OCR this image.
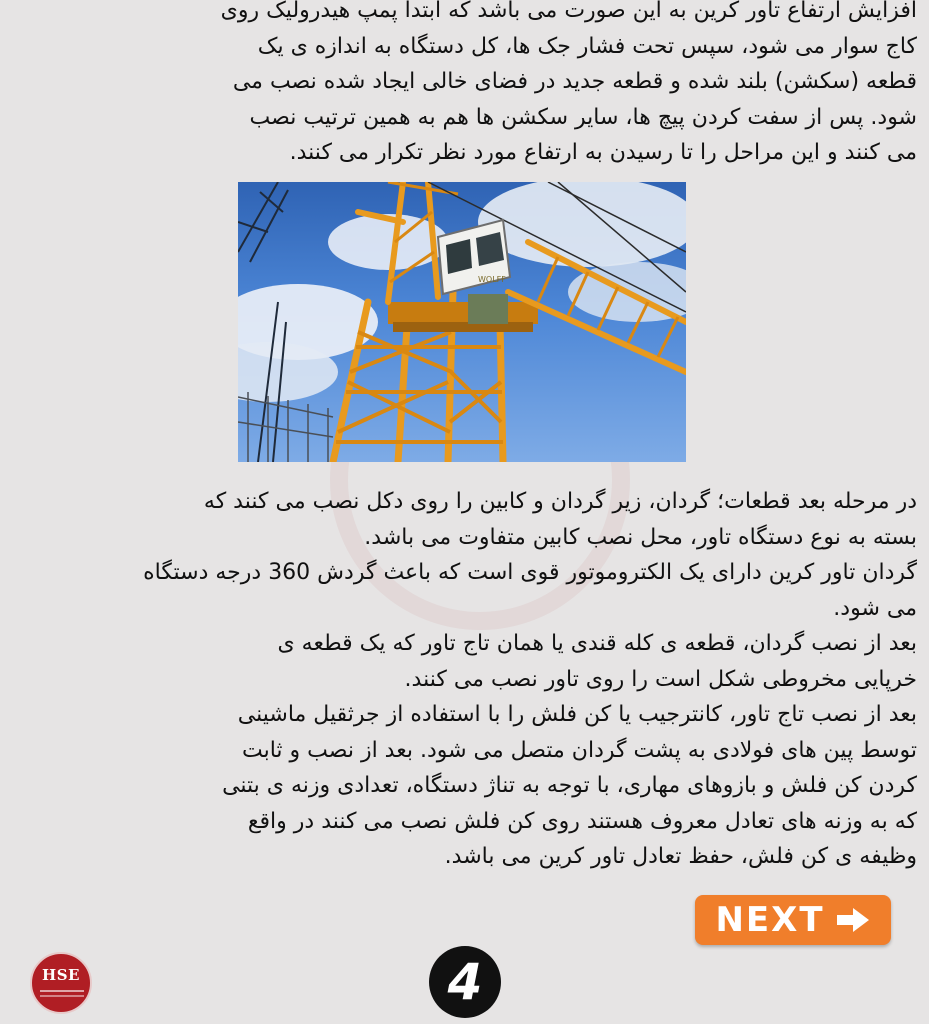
افزایش ارتفاع تاور کرین به این صورت می باشد که ابتدا پمپ هیدرولیک روی
کاج سوار می شود، سپس تحت فشار جک ها، کل دستگاه به اندازه ی یک
قطعه (سکشن) بلند شده و قطعه جدید در فضای خالی ایجاد شده نصب می
شود. پس از سفت کردن پیچ ها، سایر سکشن ها هم به همین ترتیب نصب
می کنند و این مراحل را تا رسیدن به ارتفاع مورد نظر تکرار می کنند.
WOLFF
در مرحله بعد قطعات؛ گردان، زیر گردان و کابین را روی دکل نصب می کنند که
بسته به نوع دستگاه تاور، محل نصب کابین متفاوت می باشد.
گردان تاور کرین دارای یک الکتروموتور قوی است که باعث گردش 360 درجه دستگاه
می شود.
بعد از نصب گردان، قطعه ی کله قندی یا همان تاج تاور که یک قطعه ی
خرپایی مخروطی شکل است را روی تاور نصب می کنند.
بعد از نصب تاج تاور، کانترجیب یا کن فلش را با استفاده از جرثقیل ماشینی
توسط پین های فولادی به پشت گردان متصل می شود. بعد از نصب و ثابت
کردن کن فلش و بازوهای مهاری، با توجه به تناژ دستگاه، تعدادی وزنه ی بتنی
که به وزنه های تعادل معروف هستند روی کن فلش نصب می کنند در واقع
وظیفه ی کن فلش، حفظ تعادل تاور کرین می باشد.
NEXT
HSE	4
